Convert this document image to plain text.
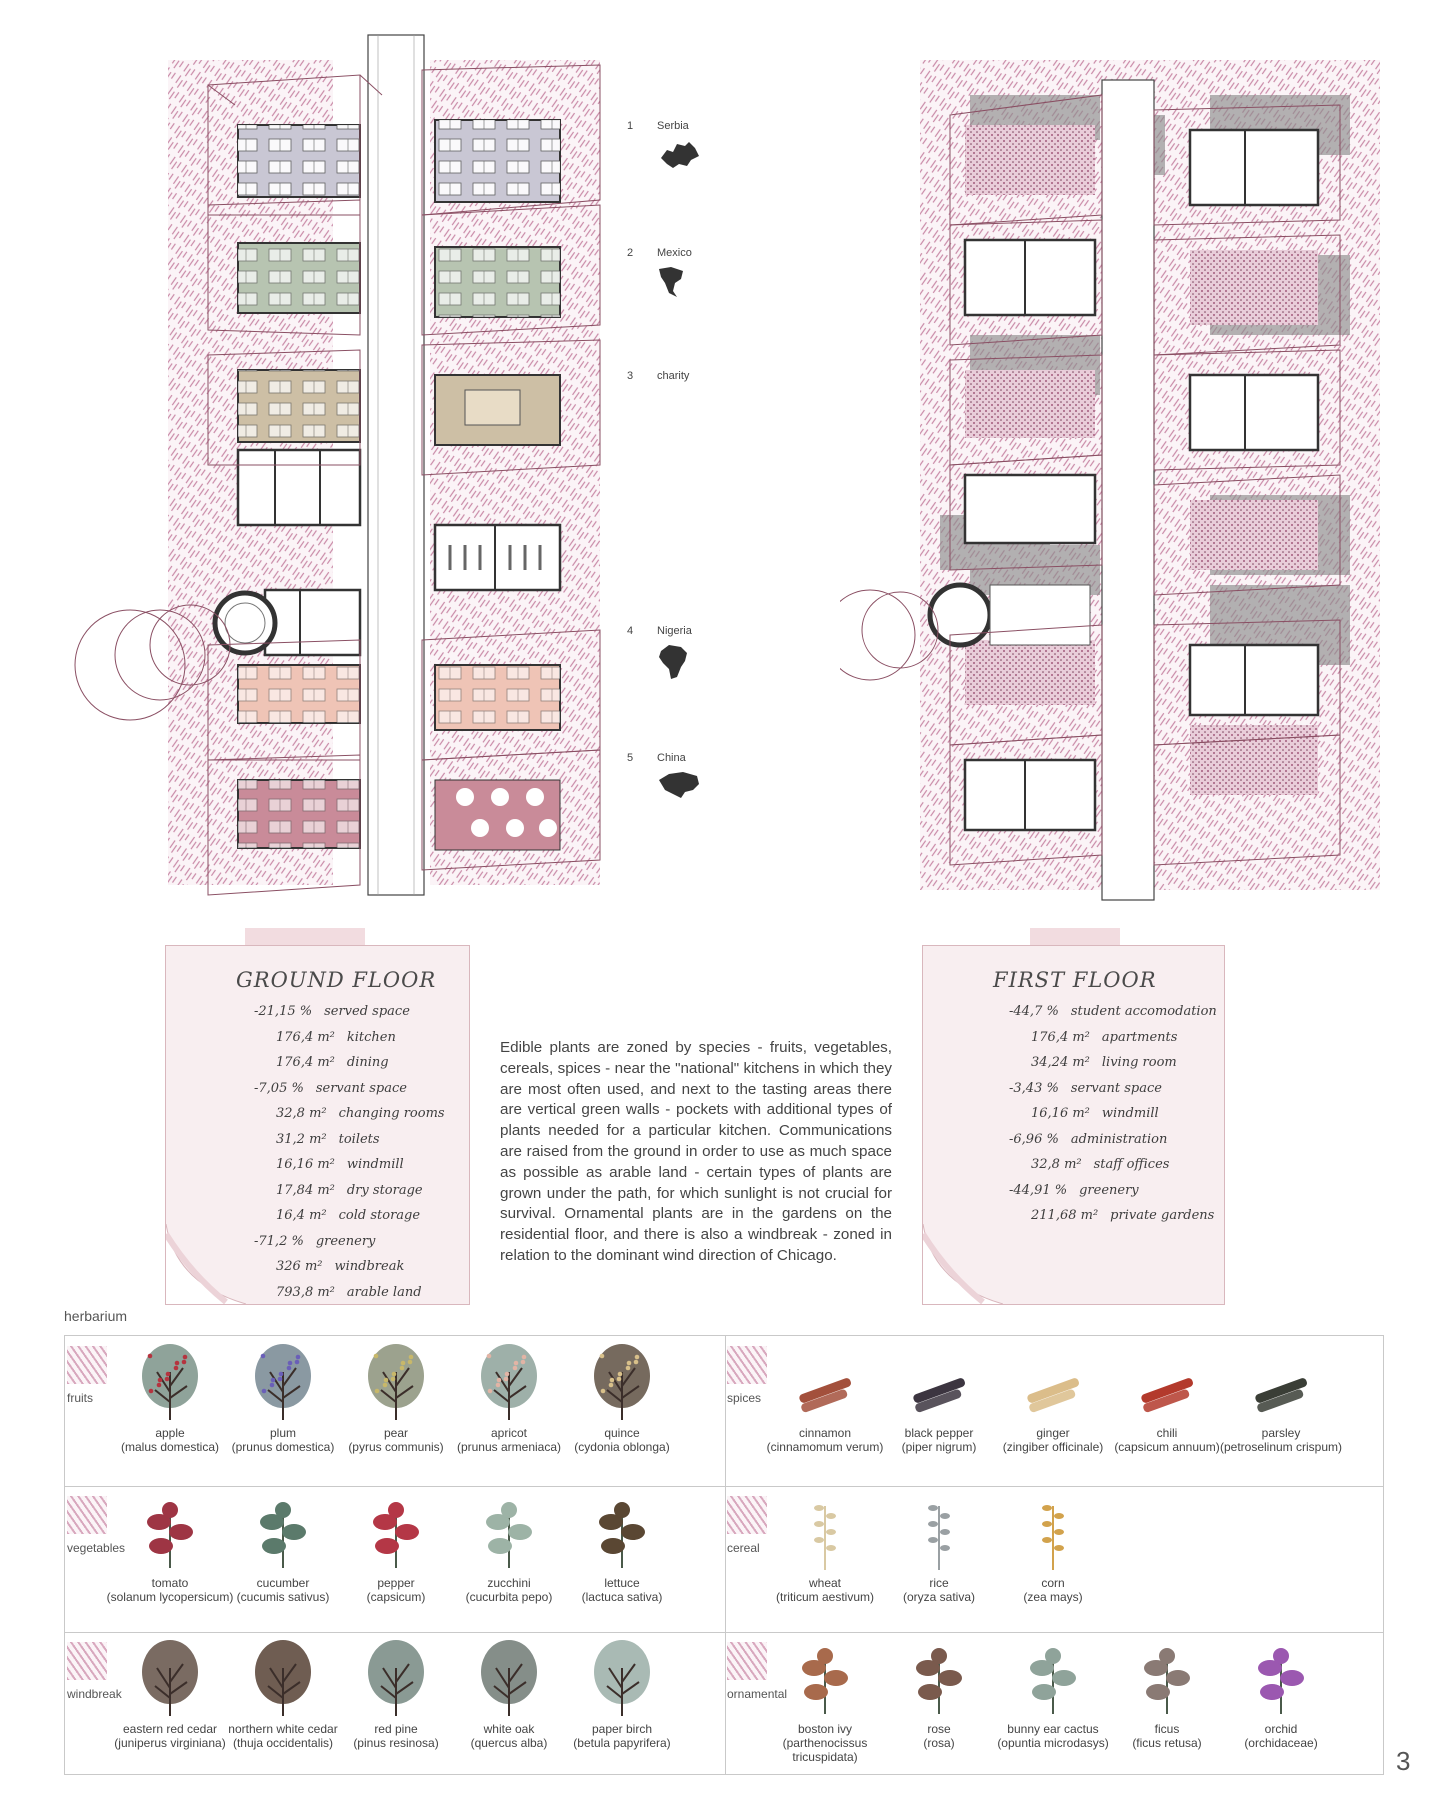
1 Serbia
2 Mexico
3 charity
4 Nigeria
5 China
GROUND FLOOR
-21,15 % served space
176,4 m² kitchen
176,4 m² dining
-7,05 % servant space
32,8 m² changing rooms
31,2 m² toilets
16,16 m² windmill
17,84 m² dry storage
16,4 m² cold storage
-71,2 % greenery
326 m² windbreak
793,8 m² arable land
FIRST FLOOR
-44,7 % student accomodation
176,4 m² apartments
34,24 m² living room
-3,43 % servant space
16,16 m² windmill
-6,96 % administration
32,8 m² staff offices
-44,91 % greenery
211,68 m² private gardens
Edible plants are zoned by species - fruits, vegetables, cereals, spices - near the "national" kitchens in which they are most often used, and next to the tasting areas there are vertical green walls - pockets with additional types of plants needed for a particular kitchen. Communications are raised from the ground in order to use as much space as possible as arable land - certain types of plants are grown under the path, for which sunlight is not crucial for survival. Ornamental plants are in the gardens on the residential floor, and there is also a windbreak - zoned in relation to the dominant wind direction of Chicago.
herbarium
fruits
apple
(malus domestica)
plum
(prunus domestica)
pear
(pyrus communis)
apricot
(prunus armeniaca)
quince
(cydonia oblonga)
spices
cinnamon
(cinnamomum verum)
black pepper
(piper nigrum)
ginger
(zingiber officinale)
chili
(capsicum annuum)
parsley
(petroselinum crispum)
vegetables
tomato
(solanum lycopersicum)
cucumber
(cucumis sativus)
pepper
(capsicum)
zucchini
(cucurbita pepo)
lettuce
(lactuca sativa)
cereal
wheat
(triticum aestivum)
rice
(oryza sativa)
corn
(zea mays)
windbreak
eastern red cedar
(juniperus virginiana)
northern white cedar
(thuja occidentalis)
red pine
(pinus resinosa)
white oak
(quercus alba)
paper birch
(betula papyrifera)
ornamental
boston ivy
(parthenocissus tricuspidata)
rose
(rosa)
bunny ear cactus
(opuntia microdasys)
ficus
(ficus retusa)
orchid
(orchidaceae)
3
